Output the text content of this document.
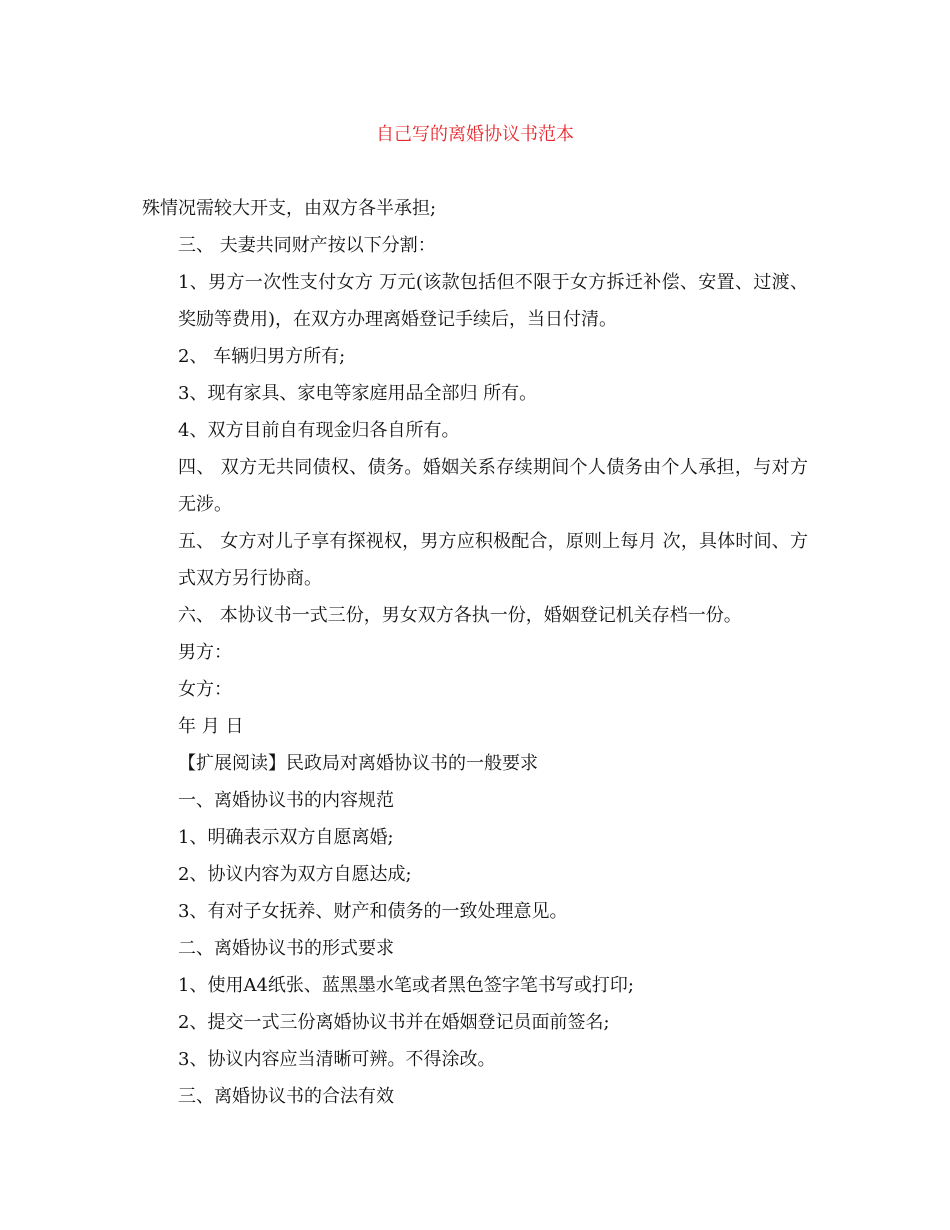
自己写的离婚协议书范本

殊情况需较大开支，由双方各半承担;

三、 夫妻共同财产按以下分割：

1、男方一次性支付女方 万元(该款包括但不限于女方拆迁补偿、安置、过渡、奖励等费用)，在双方办理离婚登记手续后，当日付清。

2、 车辆归男方所有;

3、现有家具、家电等家庭用品全部归 所有。

4、双方目前自有现金归各自所有。

四、 双方无共同债权、债务。婚姻关系存续期间个人债务由个人承担，与对方无涉。

五、 女方对儿子享有探视权，男方应积极配合，原则上每月 次，具体时间、方式双方另行协商。

六、 本协议书一式三份，男女双方各执一份，婚姻登记机关存档一份。

男方：

女方：

年 月 日

【扩展阅读】民政局对离婚协议书的一般要求

一、离婚协议书的内容规范

1、明确表示双方自愿离婚;

2、协议内容为双方自愿达成;

3、有对子女抚养、财产和债务的一致处理意见。

二、离婚协议书的形式要求

1、使用A4纸张、蓝黑墨水笔或者黑色签字笔书写或打印;

2、提交一式三份离婚协议书并在婚姻登记员面前签名;

3、协议内容应当清晰可辨。不得涂改。

三、离婚协议书的合法有效
